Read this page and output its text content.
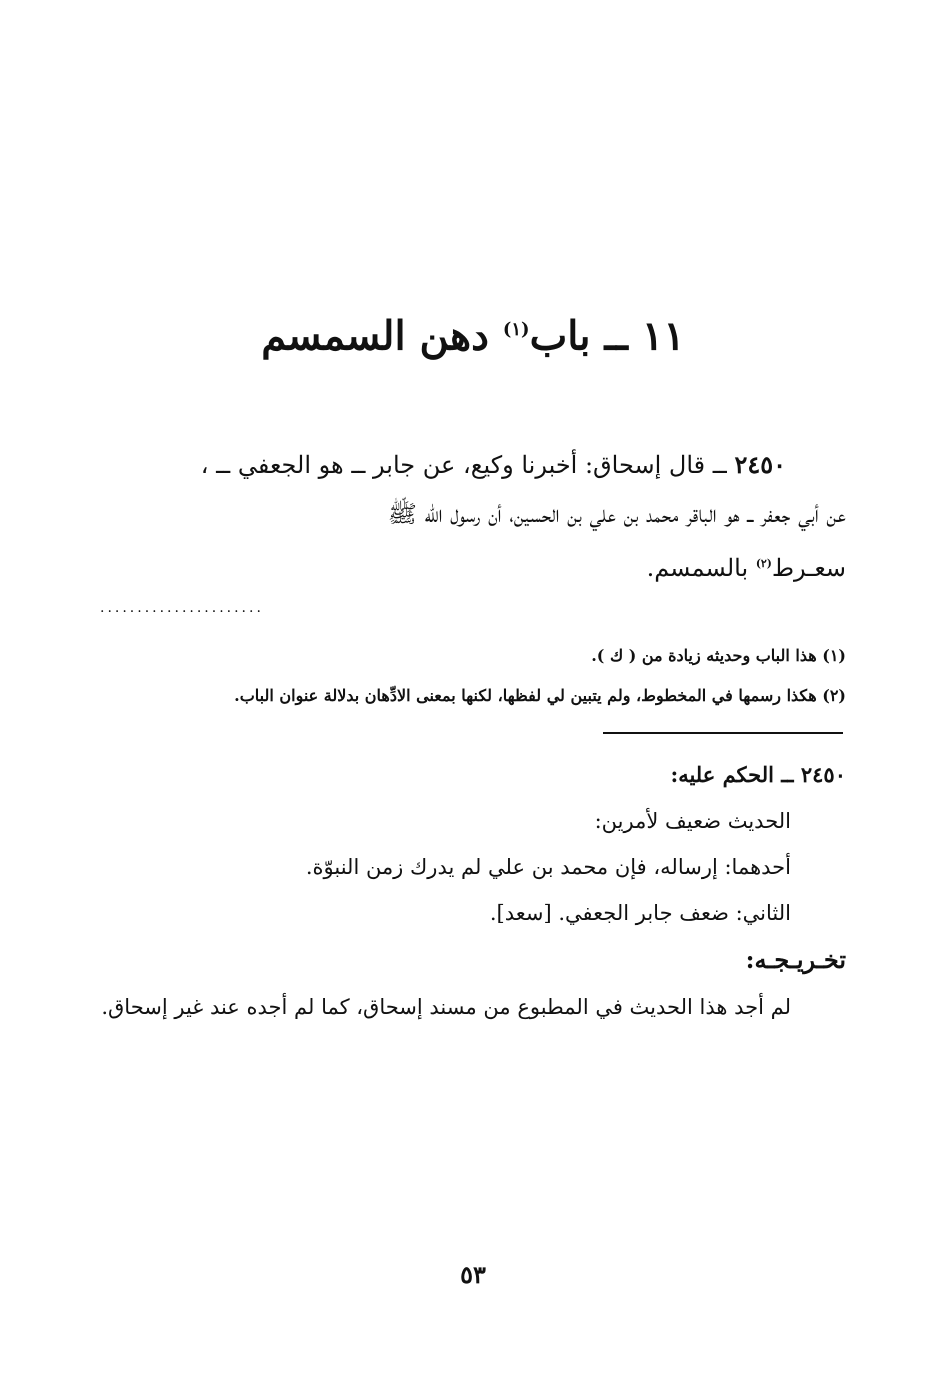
١١ ــ باب$^{(١)}$ دهن السمسم
٢٤٥٠ ــ قال إسحاق: أخبرنا وكيع، عن جابر ــ هو الجعفي ــ ،
عن أبي جعفر ــ هو الباقر محمد بن علي بن الحسين، أن رسول الله ﷺ
سعـرط$^{(٢)}$ بالسمسم.
......................
(١) هذا الباب وحديثه زيادة من ( ك ).
(٢) هكذا رسمها في المخطوط، ولم يتبين لي لفظها، لكنها بمعنى الادِّهان بدلالة عنوان الباب.
٢٤٥٠ ــ الحكم عليه:
الحديث ضعيف لأمرين:
أحدهما: إرساله، فإن محمد بن علي لم يدرك زمن النبوّة.
الثاني: ضعف جابر الجعفي. [سعد].
تخـريـجـه:
لم أجد هذا الحديث في المطبوع من مسند إسحاق، كما لم أجده عند غير إسحاق.
٥٣
